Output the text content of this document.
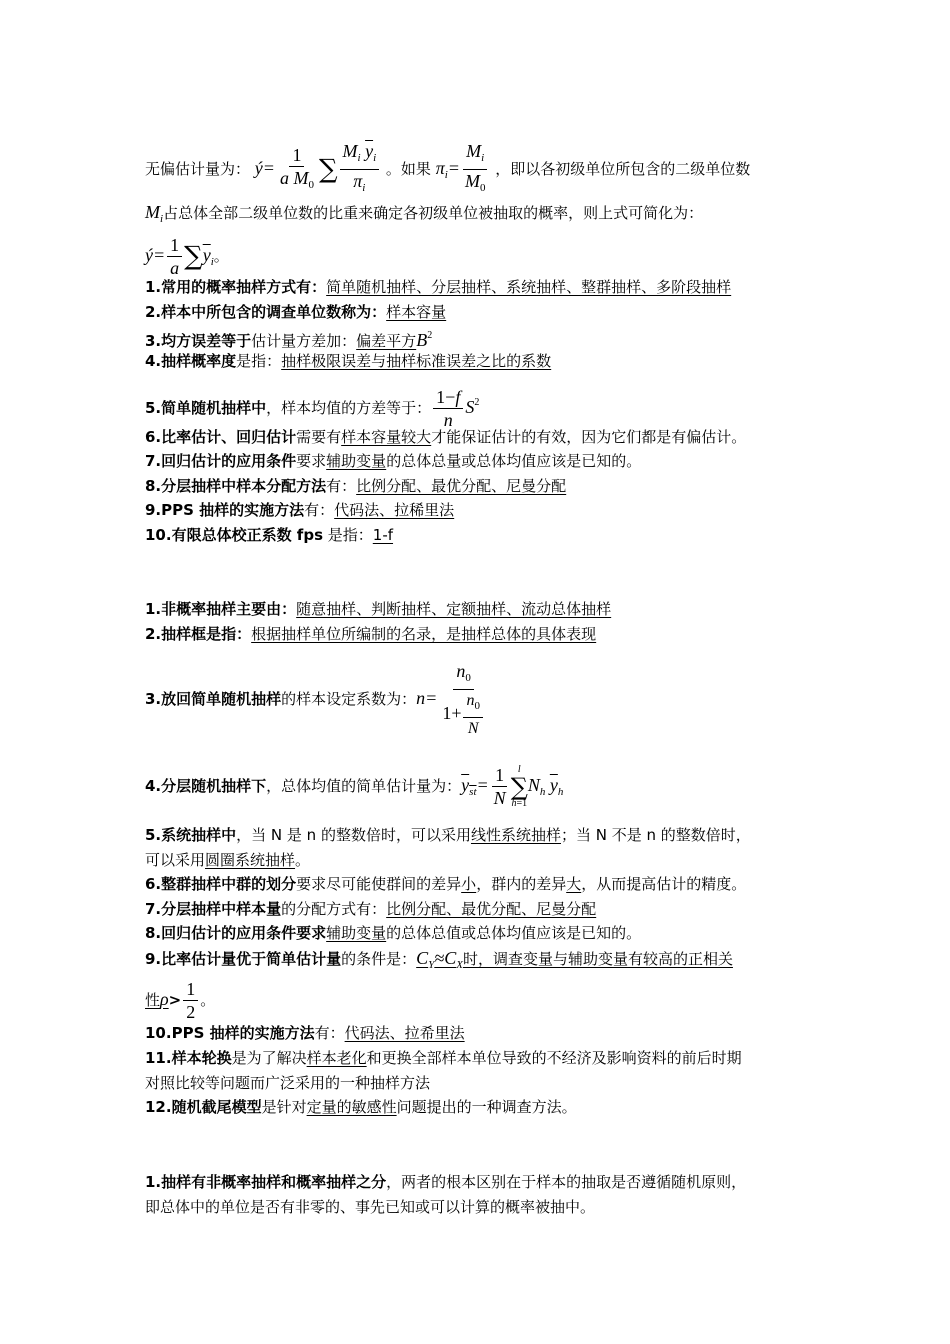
无偏估计量为： ý= $\frac{1}{a M_0}$ ∑ $\frac{M_i \overline{y}_i}{\pi_i}$ 。如果 $\pi_i= \frac{M_i}{M_0}$ ，即以各初级单位所包含的二级单位数
$M_i$占总体全部二级单位数的比重来确定各初级单位被抽取的概率，则上式可简化为：
ý= $\frac{1}{a} \sum\overline{y}_i$。
1.常用的概率抽样方式有：简单随机抽样、分层抽样、系统抽样、整群抽样、多阶段抽样
2.样本中所包含的调查单位数称为：样本容量
3.均方误差等于估计量方差加：偏差平方$B^2$
4.抽样概率度是指：抽样极限误差与抽样标准误差之比的系数
5.简单随机抽样中，样本均值的方差等于： $\frac{1-f}{n} S^2$
6.比率估计、回归估计需要有样本容量较大才能保证估计的有效，因为它们都是有偏估计。
7.回归估计的应用条件要求辅助变量的总体总量或总体均值应该是已知的。
8.分层抽样中样本分配方法有：比例分配、最优分配、尼曼分配
9.PPS 抽样的实施方法有：代码法、拉稀里法
10.有限总体校正系数 fps 是指：1-f
1.非概率抽样主要由：随意抽样、判断抽样、定额抽样、流动总体抽样
2.抽样框是指：根据抽样单位所编制的名录，是抽样总体的具体表现
3.放回简单随机抽样的样本设定系数为：$n= \frac{n_0}{1+ \frac{n_0}{N}}$
4.分层随机抽样下，总体均值的简单估计量为：$y_{st}= \frac{1}{N}$ l
∑
h=1
$N_h$ $\overline{y}_h$
5.系统抽样中，当 N 是 n 的整数倍时，可以采用线性系统抽样；当 N 不是 n 的整数倍时，
可以采用圆圈系统抽样。
6.整群抽样中群的划分要求尽可能使群间的差异小，群内的差异大，从而提高估计的精度。
7.分层抽样中样本量的分配方式有：比例分配、最优分配、尼曼分配
8.回归估计的应用条件要求辅助变量的总体总值或总体均值应该是已知的。
9.比率估计量优于简单估计量的条件是：$C_Y\approx C_X$时，调查变量与辅助变量有较高的正相关
性$\rho> \frac{1}{2}$ 。
10.PPS 抽样的实施方法有：代码法、拉希里法
11.样本轮换是为了解决样本老化和更换全部样本单位导致的不经济及影响资料的前后时期
对照比较等问题而广泛采用的一种抽样方法
12.随机截尾模型是针对定量的敏感性问题提出的一种调查方法。
1.抽样有非概率抽样和概率抽样之分，两者的根本区别在于样本的抽取是否遵循随机原则，
即总体中的单位是否有非零的、事先已知或可以计算的概率被抽中。
